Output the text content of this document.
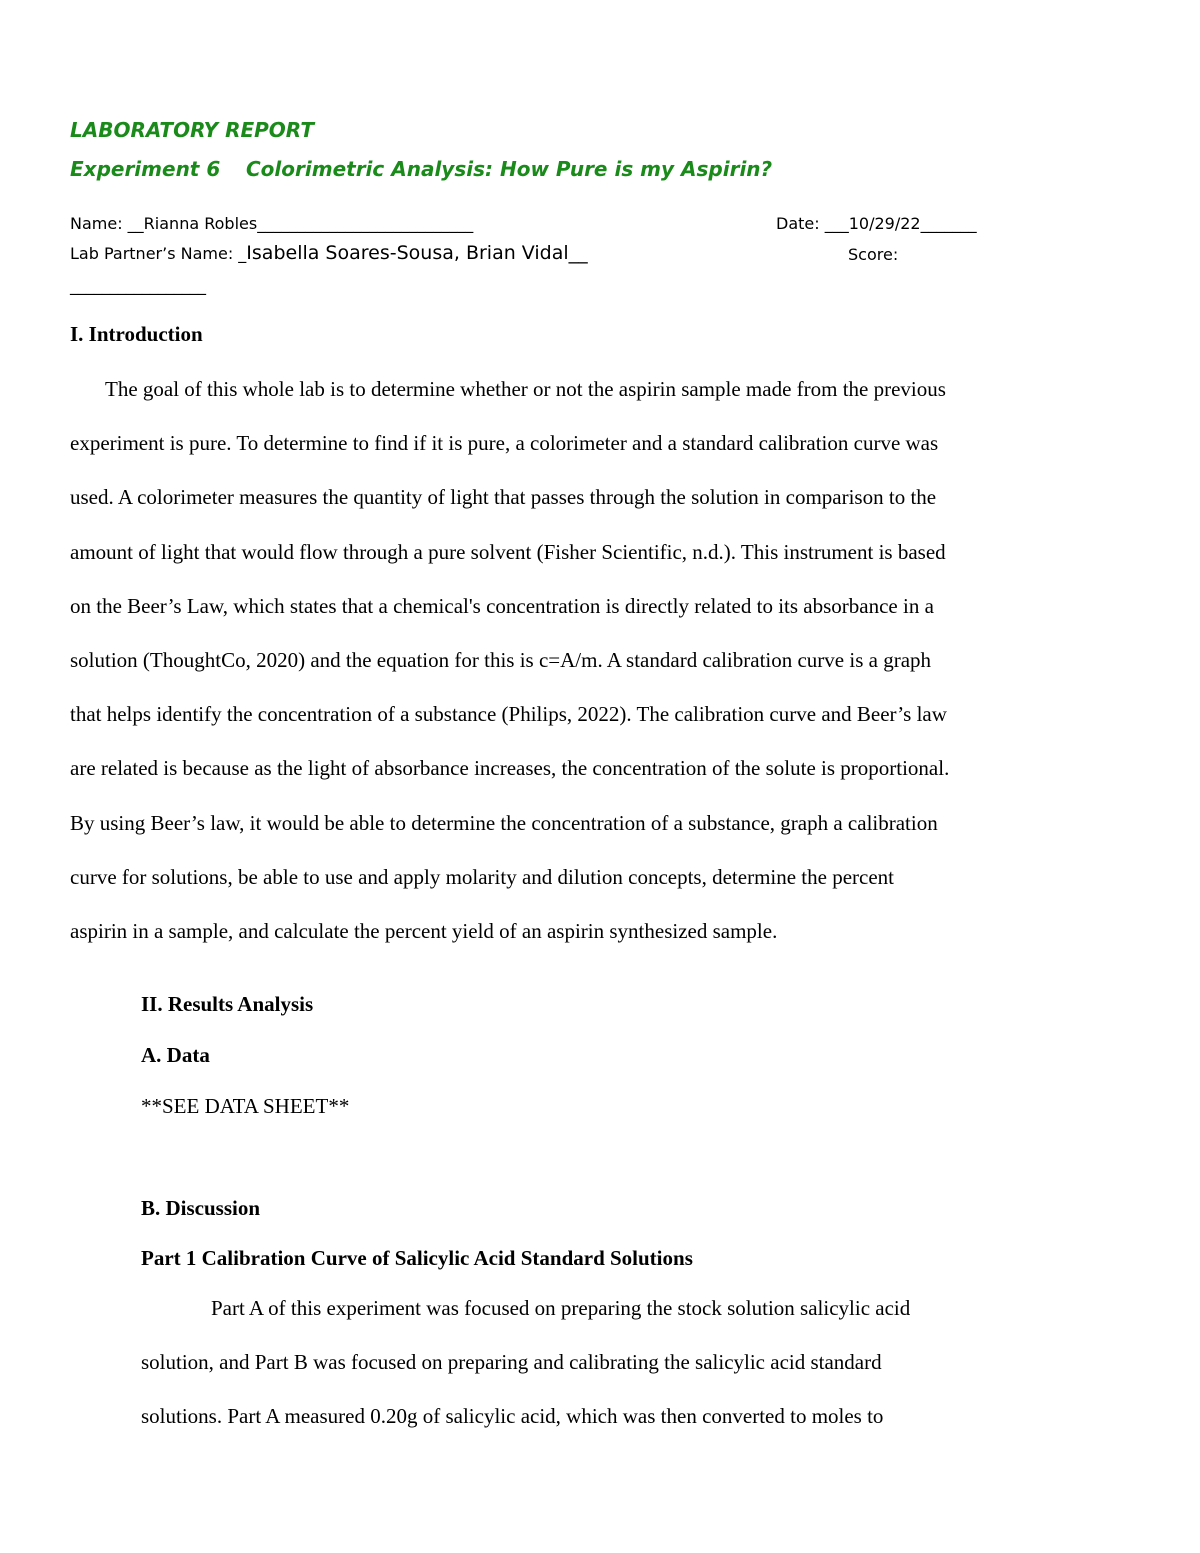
LABORATORY REPORT
Experiment 6 Colorimetric Analysis: How Pure is my Aspirin?
Name: __Rianna Robles___________________________	Date: ___10/29/22_______
Lab Partner’s Name: _Isabella Soares-Sousa, Brian Vidal__	Score:
_________________
I. Introduction
The goal of this whole lab is to determine whether or not the aspirin sample made from the previous
experiment is pure. To determine to find if it is pure, a colorimeter and a standard calibration curve was
used. A colorimeter measures the quantity of light that passes through the solution in comparison to the
amount of light that would flow through a pure solvent (Fisher Scientific, n.d.). This instrument is based
on the Beer’s Law, which states that a chemical's concentration is directly related to its absorbance in a
solution (ThoughtCo, 2020) and the equation for this is c=A/m. A standard calibration curve is a graph
that helps identify the concentration of a substance (Philips, 2022). The calibration curve and Beer’s law
are related is because as the light of absorbance increases, the concentration of the solute is proportional.
By using Beer’s law, it would be able to determine the concentration of a substance, graph a calibration
curve for solutions, be able to use and apply molarity and dilution concepts, determine the percent
aspirin in a sample, and calculate the percent yield of an aspirin synthesized sample.
II. Results Analysis
A. Data
**SEE DATA SHEET**
B. Discussion
Part 1 Calibration Curve of Salicylic Acid Standard Solutions
Part A of this experiment was focused on preparing the stock solution salicylic acid
solution, and Part B was focused on preparing and calibrating the salicylic acid standard
solutions. Part A measured 0.20g of salicylic acid, which was then converted to moles to
